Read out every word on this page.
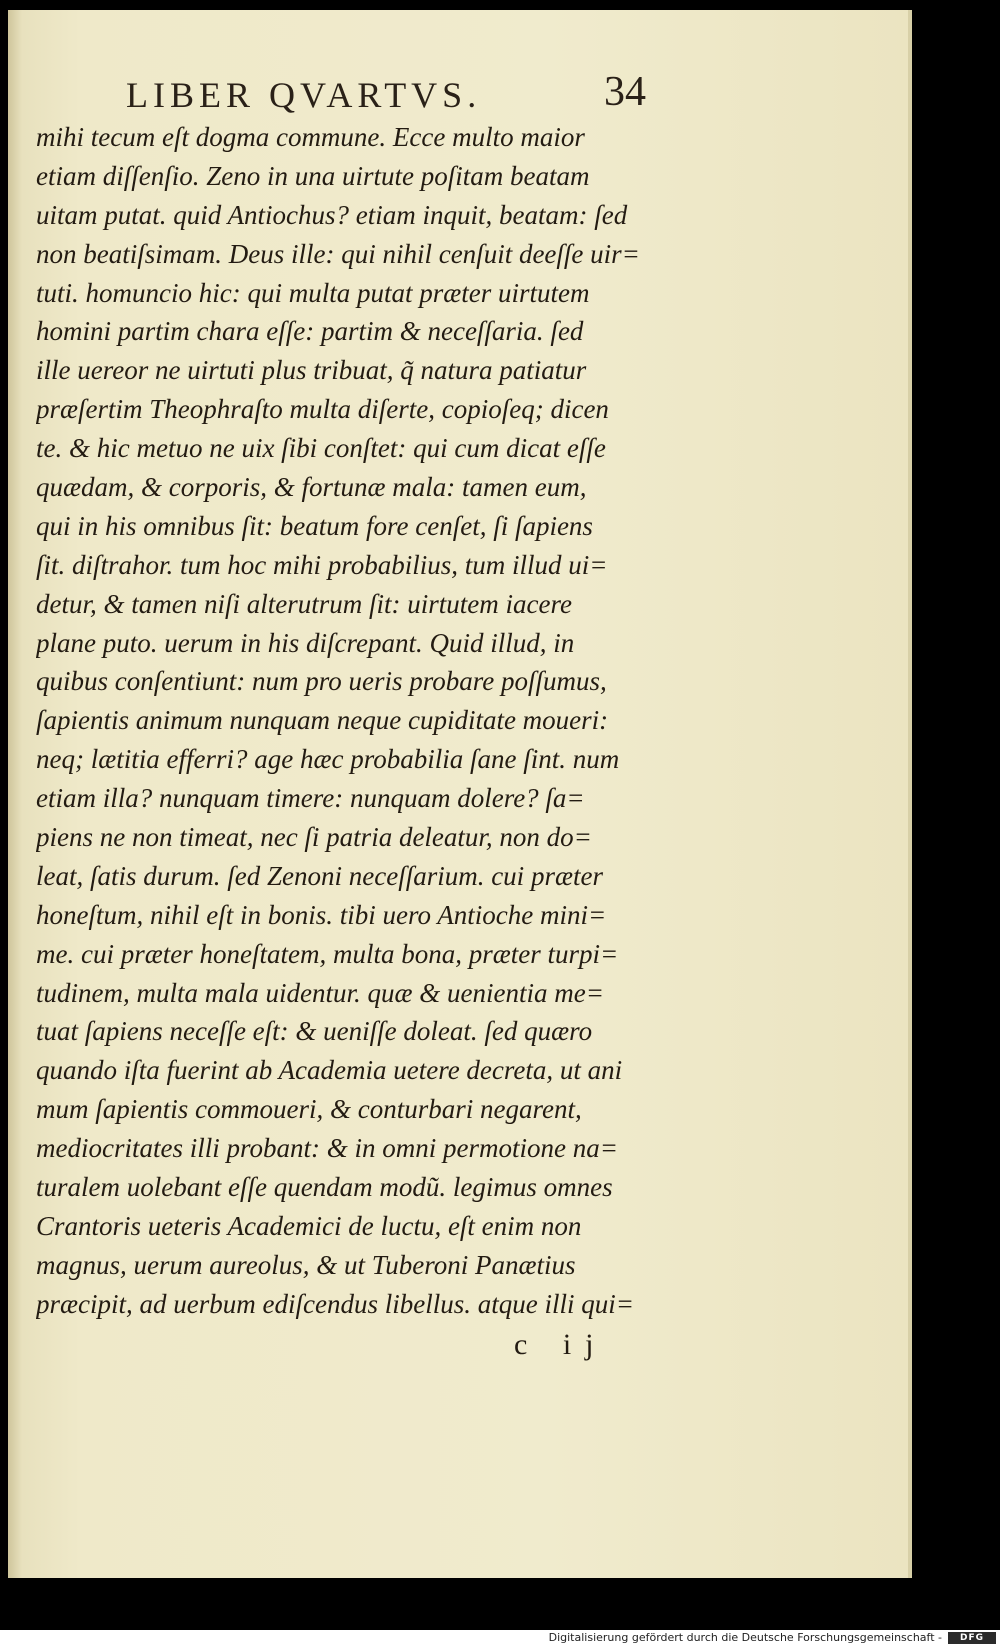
LIBER QVARTVS.	34
mihi tecum eſt dogma commune. Ecce multo maior
etiam diſſenſio. Zeno in una uirtute poſitam beatam
uitam putat. quid Antiochus? etiam inquit, beatam: ſed
non beatiſsimam. Deus ille: qui nihil cenſuit deeſſe uir=
tuti. homuncio hic: qui multa putat præter uirtutem
homini partim chara eſſe: partim & neceſſaria. ſed
ille uereor ne uirtuti plus tribuat, q̃ natura patiatur
præſertim Theophraſto multa diſerte, copioſeq; dicen
te. & hic metuo ne uix ſibi conſtet: qui cum dicat eſſe
quædam, & corporis, & fortunæ mala: tamen eum,
qui in his omnibus ſit: beatum fore cenſet, ſi ſapiens
ſit. diſtrahor. tum hoc mihi probabilius, tum illud ui=
detur, & tamen niſi alterutrum ſit: uirtutem iacere
plane puto. uerum in his diſcrepant. Quid illud, in
quibus conſentiunt: num pro ueris probare poſſumus,
ſapientis animum nunquam neque cupiditate moueri:
neq; lætitia efferri? age hæc probabilia ſane ſint. num
etiam illa? nunquam timere: nunquam dolere? ſa=
piens ne non timeat, nec ſi patria deleatur, non do=
leat, ſatis durum. ſed Zenoni neceſſarium. cui præter
honeſtum, nihil eſt in bonis. tibi uero Antioche mini=
me. cui præter honeſtatem, multa bona, præter turpi=
tudinem, multa mala uidentur. quæ & uenientia me=
tuat ſapiens neceſſe eſt: & ueniſſe doleat. ſed quæro
quando iſta fuerint ab Academia uetere decreta, ut ani
mum ſapientis commoueri, & conturbari negarent,
mediocritates illi probant: & in omni permotione na=
turalem uolebant eſſe quendam modũ. legimus omnes
Crantoris ueteris Academici de luctu, eſt enim non
magnus, uerum aureolus, & ut Tuberoni Panætius
præcipit, ad uerbum ediſcendus libellus. atque illi qui=
c ij
Digitalisierung gefördert durch die Deutsche Forschungsgemeinschaft -	DFG
